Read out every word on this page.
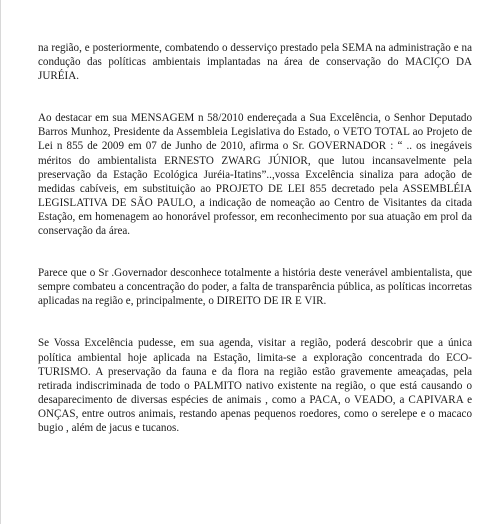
na região, e posteriormente, combatendo o desserviço prestado pela SEMA na administração e na condução das políticas ambientais implantadas na área de conservação do MACIÇO DA JURÉIA.

Ao destacar em sua MENSAGEM n 58/2010 endereçada a Sua Excelência, o Senhor Deputado Barros Munhoz, Presidente da Assembleia Legislativa do Estado, o VETO TOTAL ao Projeto de Lei n 855 de 2009 em 07 de Junho de 2010, afirma o Sr. GOVERNADOR : “ .. os inegáveis méritos do ambientalista ERNESTO ZWARG JÚNIOR, que lutou incansavelmente pela preservação da Estação Ecológica Juréia-Itatins”..,vossa Excelência sinaliza para adoção de medidas cabíveis, em substituição ao PROJETO DE LEI 855 decretado pela ASSEMBLÉIA LEGISLATIVA DE SÃO PAULO, a indicação de nomeação ao Centro de Visitantes da citada Estação, em homenagem ao honorável professor, em reconhecimento por sua atuação em prol da conservação da área.

Parece que o Sr .Governador desconhece totalmente a história deste venerável ambientalista, que sempre combateu a concentração do poder, a falta de transparência pública, as políticas incorretas aplicadas na região e, principalmente, o DIREITO DE IR E VIR.

Se Vossa Excelência pudesse, em sua agenda, visitar a região, poderá descobrir que a única política ambiental hoje aplicada na Estação, limita-se a exploração concentrada do ECO-TURISMO. A preservação da fauna e da flora na região estão gravemente ameaçadas, pela retirada indiscriminada de todo o PALMITO nativo existente na região, o que está causando o desaparecimento de diversas espécies de animais , como a PACA, o VEADO, a CAPIVARA e ONÇAS, entre outros animais, restando apenas pequenos roedores, como o serelepe e o macaco bugio , além de jacus e tucanos.
